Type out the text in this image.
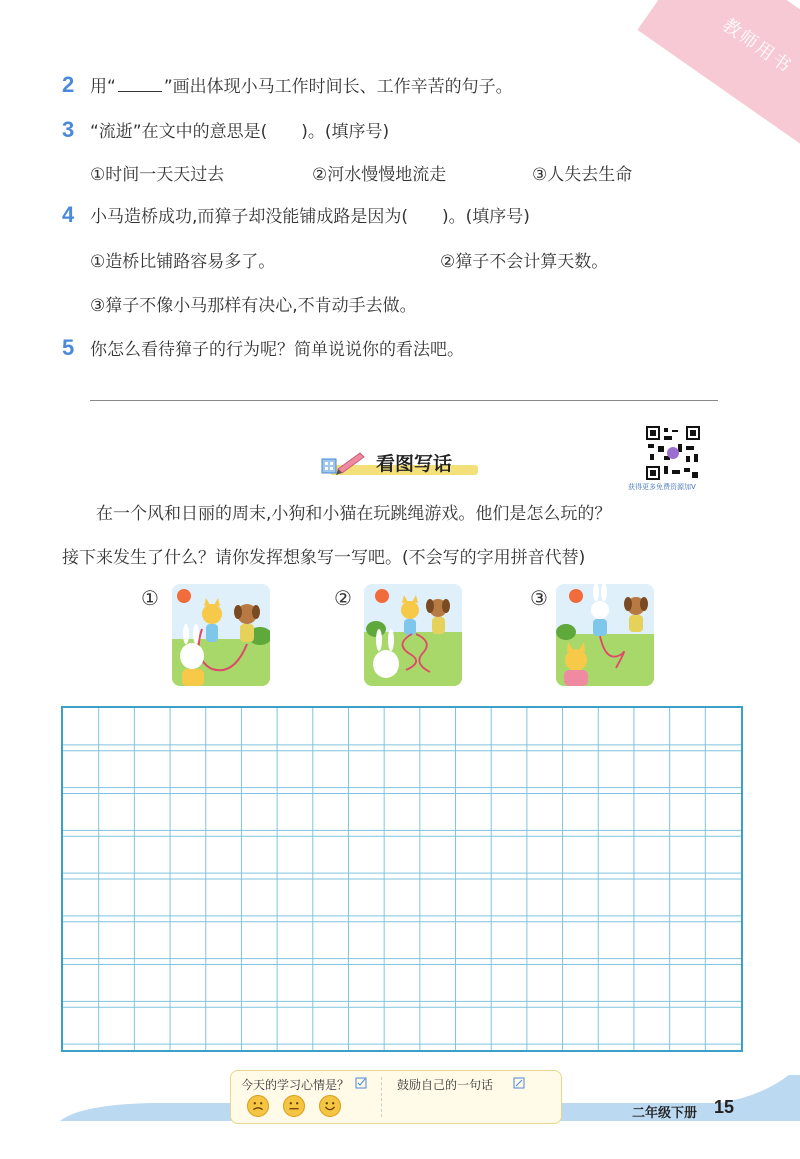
教师用书
2 用“	”画出体现小马工作时间长、工作辛苦的句子。
3 “流逝”在文中的意思是(　　)。(填序号)
①时间一天天过去	②河水慢慢地流走	③人失去生命
4 小马造桥成功,而獐子却没能铺成路是因为(　　)。(填序号)
①造桥比铺路容易多了。	②獐子不会计算天数。
③獐子不像小马那样有决心,不肯动手去做。
5 你怎么看待獐子的行为呢？简单说说你的看法吧。
看图写话
获得更多免费资源加V
在一个风和日丽的周末,小狗和小猫在玩跳绳游戏。他们是怎么玩的？
接下来发生了什么？请你发挥想象写一写吧。(不会写的字用拼音代替)
①	②	③
今天的学习心情是？	鼓励自己的一句话
二年级下册 15
